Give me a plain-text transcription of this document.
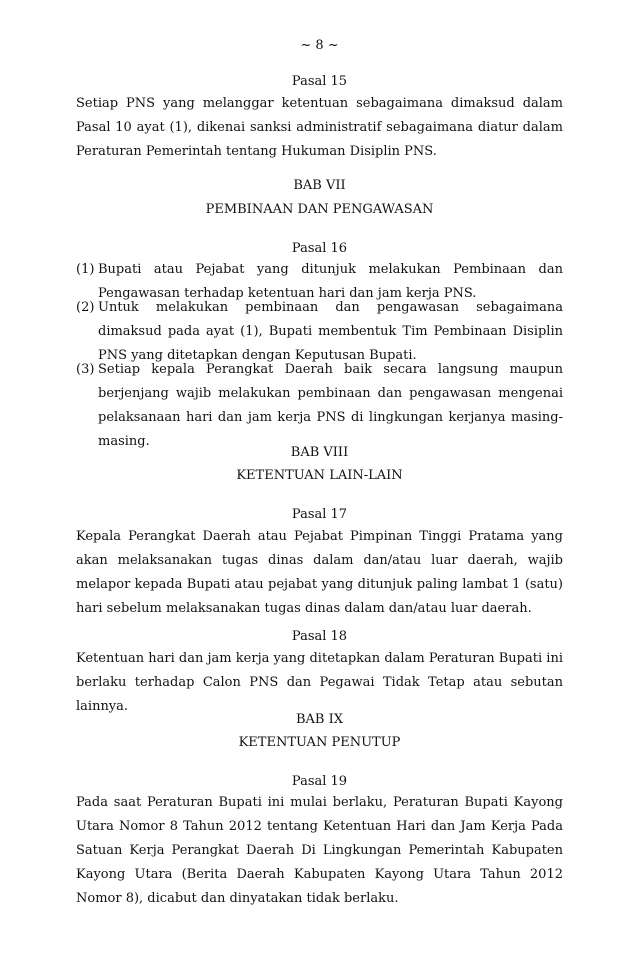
~ 8 ~
Pasal 15
Setiap PNS yang melanggar ketentuan sebagaimana dimaksud dalam Pasal 10 ayat (1), dikenai sanksi administratif sebagaimana diatur dalam Peraturan Pemerintah tentang Hukuman Disiplin PNS.
BAB VII
PEMBINAAN DAN PENGAWASAN
Pasal 16
(1) Bupati atau Pejabat yang ditunjuk melakukan Pembinaan dan Pengawasan terhadap ketentuan hari dan jam kerja PNS.
(2) Untuk melakukan pembinaan dan pengawasan sebagaimana dimaksud pada ayat (1), Bupati membentuk Tim Pembinaan Disiplin PNS yang ditetapkan dengan Keputusan Bupati.
(3) Setiap kepala Perangkat Daerah baik secara langsung maupun berjenjang wajib melakukan pembinaan dan pengawasan mengenai pelaksanaan hari dan jam kerja PNS di lingkungan kerjanya masing-masing.
BAB VIII
KETENTUAN LAIN-LAIN
Pasal 17
Kepala Perangkat Daerah atau Pejabat Pimpinan Tinggi Pratama yang akan melaksanakan tugas dinas dalam dan/atau luar daerah, wajib melapor kepada Bupati atau pejabat yang ditunjuk paling lambat 1 (satu) hari sebelum melaksanakan tugas dinas dalam dan/atau luar daerah.
Pasal 18
Ketentuan hari dan jam kerja yang ditetapkan dalam Peraturan Bupati ini berlaku terhadap Calon PNS dan Pegawai Tidak Tetap atau sebutan lainnya.
BAB IX
KETENTUAN PENUTUP
Pasal 19
Pada saat Peraturan Bupati ini mulai berlaku, Peraturan Bupati Kayong Utara Nomor 8 Tahun 2012 tentang Ketentuan Hari dan Jam Kerja Pada Satuan Kerja Perangkat Daerah Di Lingkungan Pemerintah Kabupaten Kayong Utara (Berita Daerah Kabupaten Kayong Utara Tahun 2012 Nomor 8), dicabut dan dinyatakan tidak berlaku.
